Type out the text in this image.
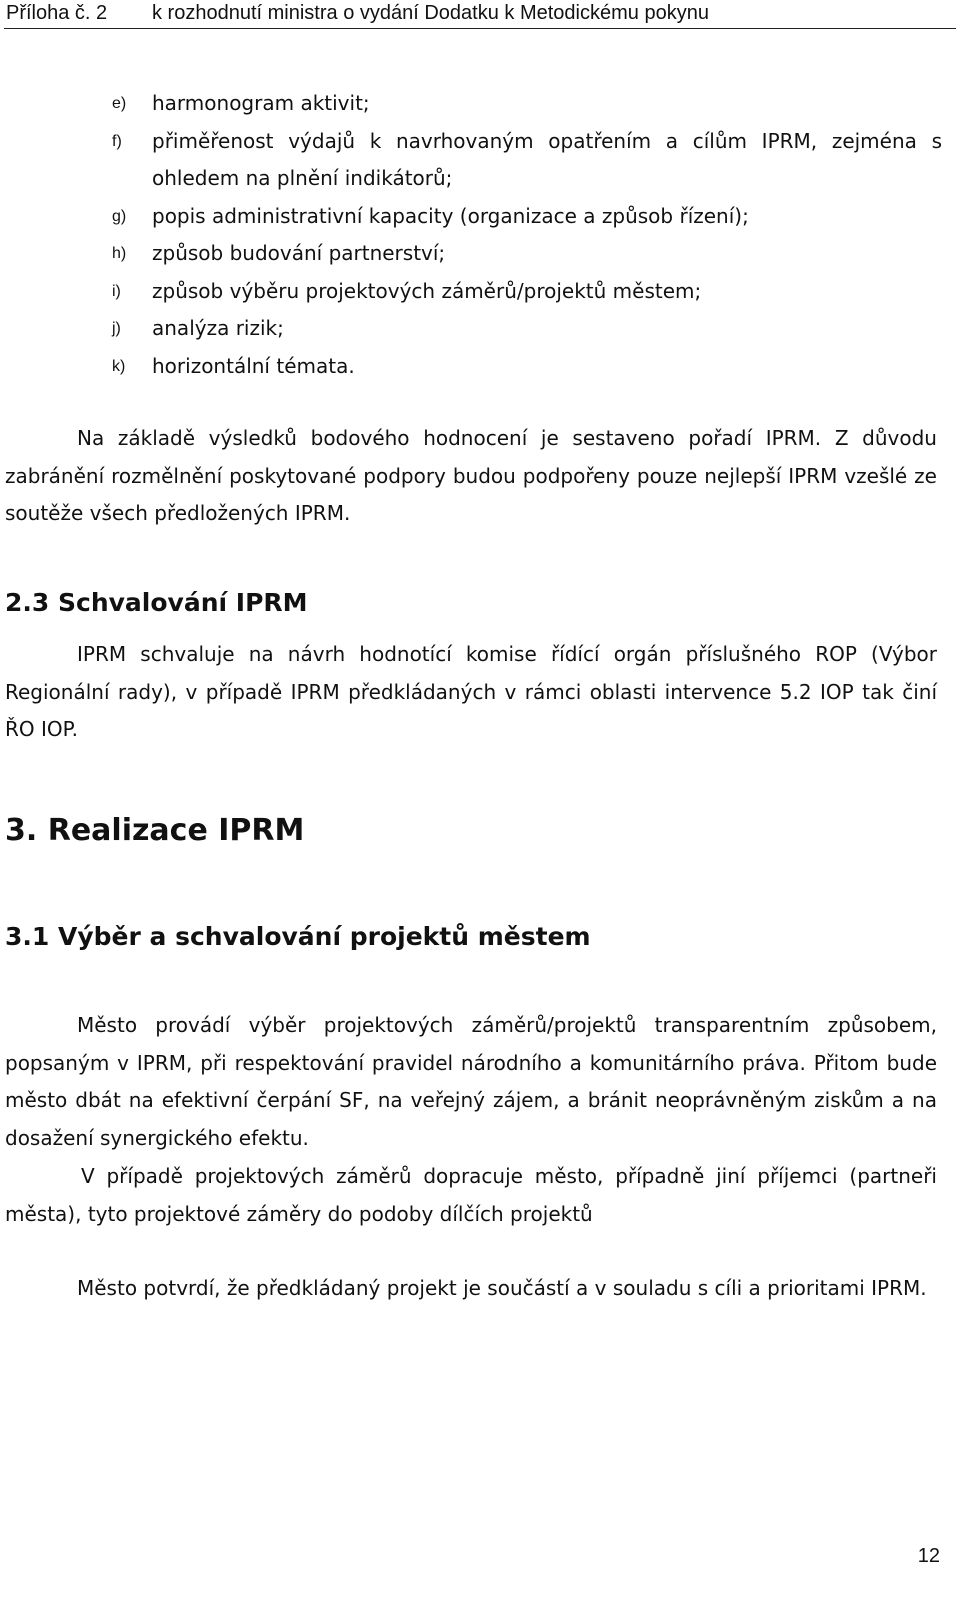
Příloha č. 2 k rozhodnutí ministra o vydání Dodatku k Metodickému pokynu
e) harmonogram aktivit;
f) přiměřenost výdajů k navrhovaným opatřením a cílům IPRM, zejména s ohledem na plnění indikátorů;
g) popis administrativní kapacity (organizace a způsob řízení);
h) způsob budování partnerství;
i) způsob výběru projektových záměrů/projektů městem;
j) analýza rizik;
k) horizontální témata.

Na základě výsledků bodového hodnocení je sestaveno pořadí IPRM. Z důvodu zabránění rozmělnění poskytované podpory budou podpořeny pouze nejlepší IPRM vzešlé ze soutěže všech předložených IPRM.

2.3 Schvalování IPRM

IPRM schvaluje na návrh hodnotící komise řídící orgán příslušného ROP (Výbor Regionální rady), v případě IPRM předkládaných v rámci oblasti intervence 5.2 IOP tak činí ŘO IOP.

3. Realizace IPRM
3.1 Výběr a schvalování projektů městem

Město provádí výběr projektových záměrů/projektů transparentním způsobem, popsaným v IPRM, při respektování pravidel národního a komunitárního práva. Přitom bude město dbát na efektivní čerpání SF, na veřejný zájem, a bránit neoprávněným ziskům a na dosažení synergického efektu.

V případě projektových záměrů dopracuje město, případně jiní příjemci (partneři města), tyto projektové záměry do podoby dílčích projektů

Město potvrdí, že předkládaný projekt je součástí a v souladu s cíli a prioritami IPRM.

12
